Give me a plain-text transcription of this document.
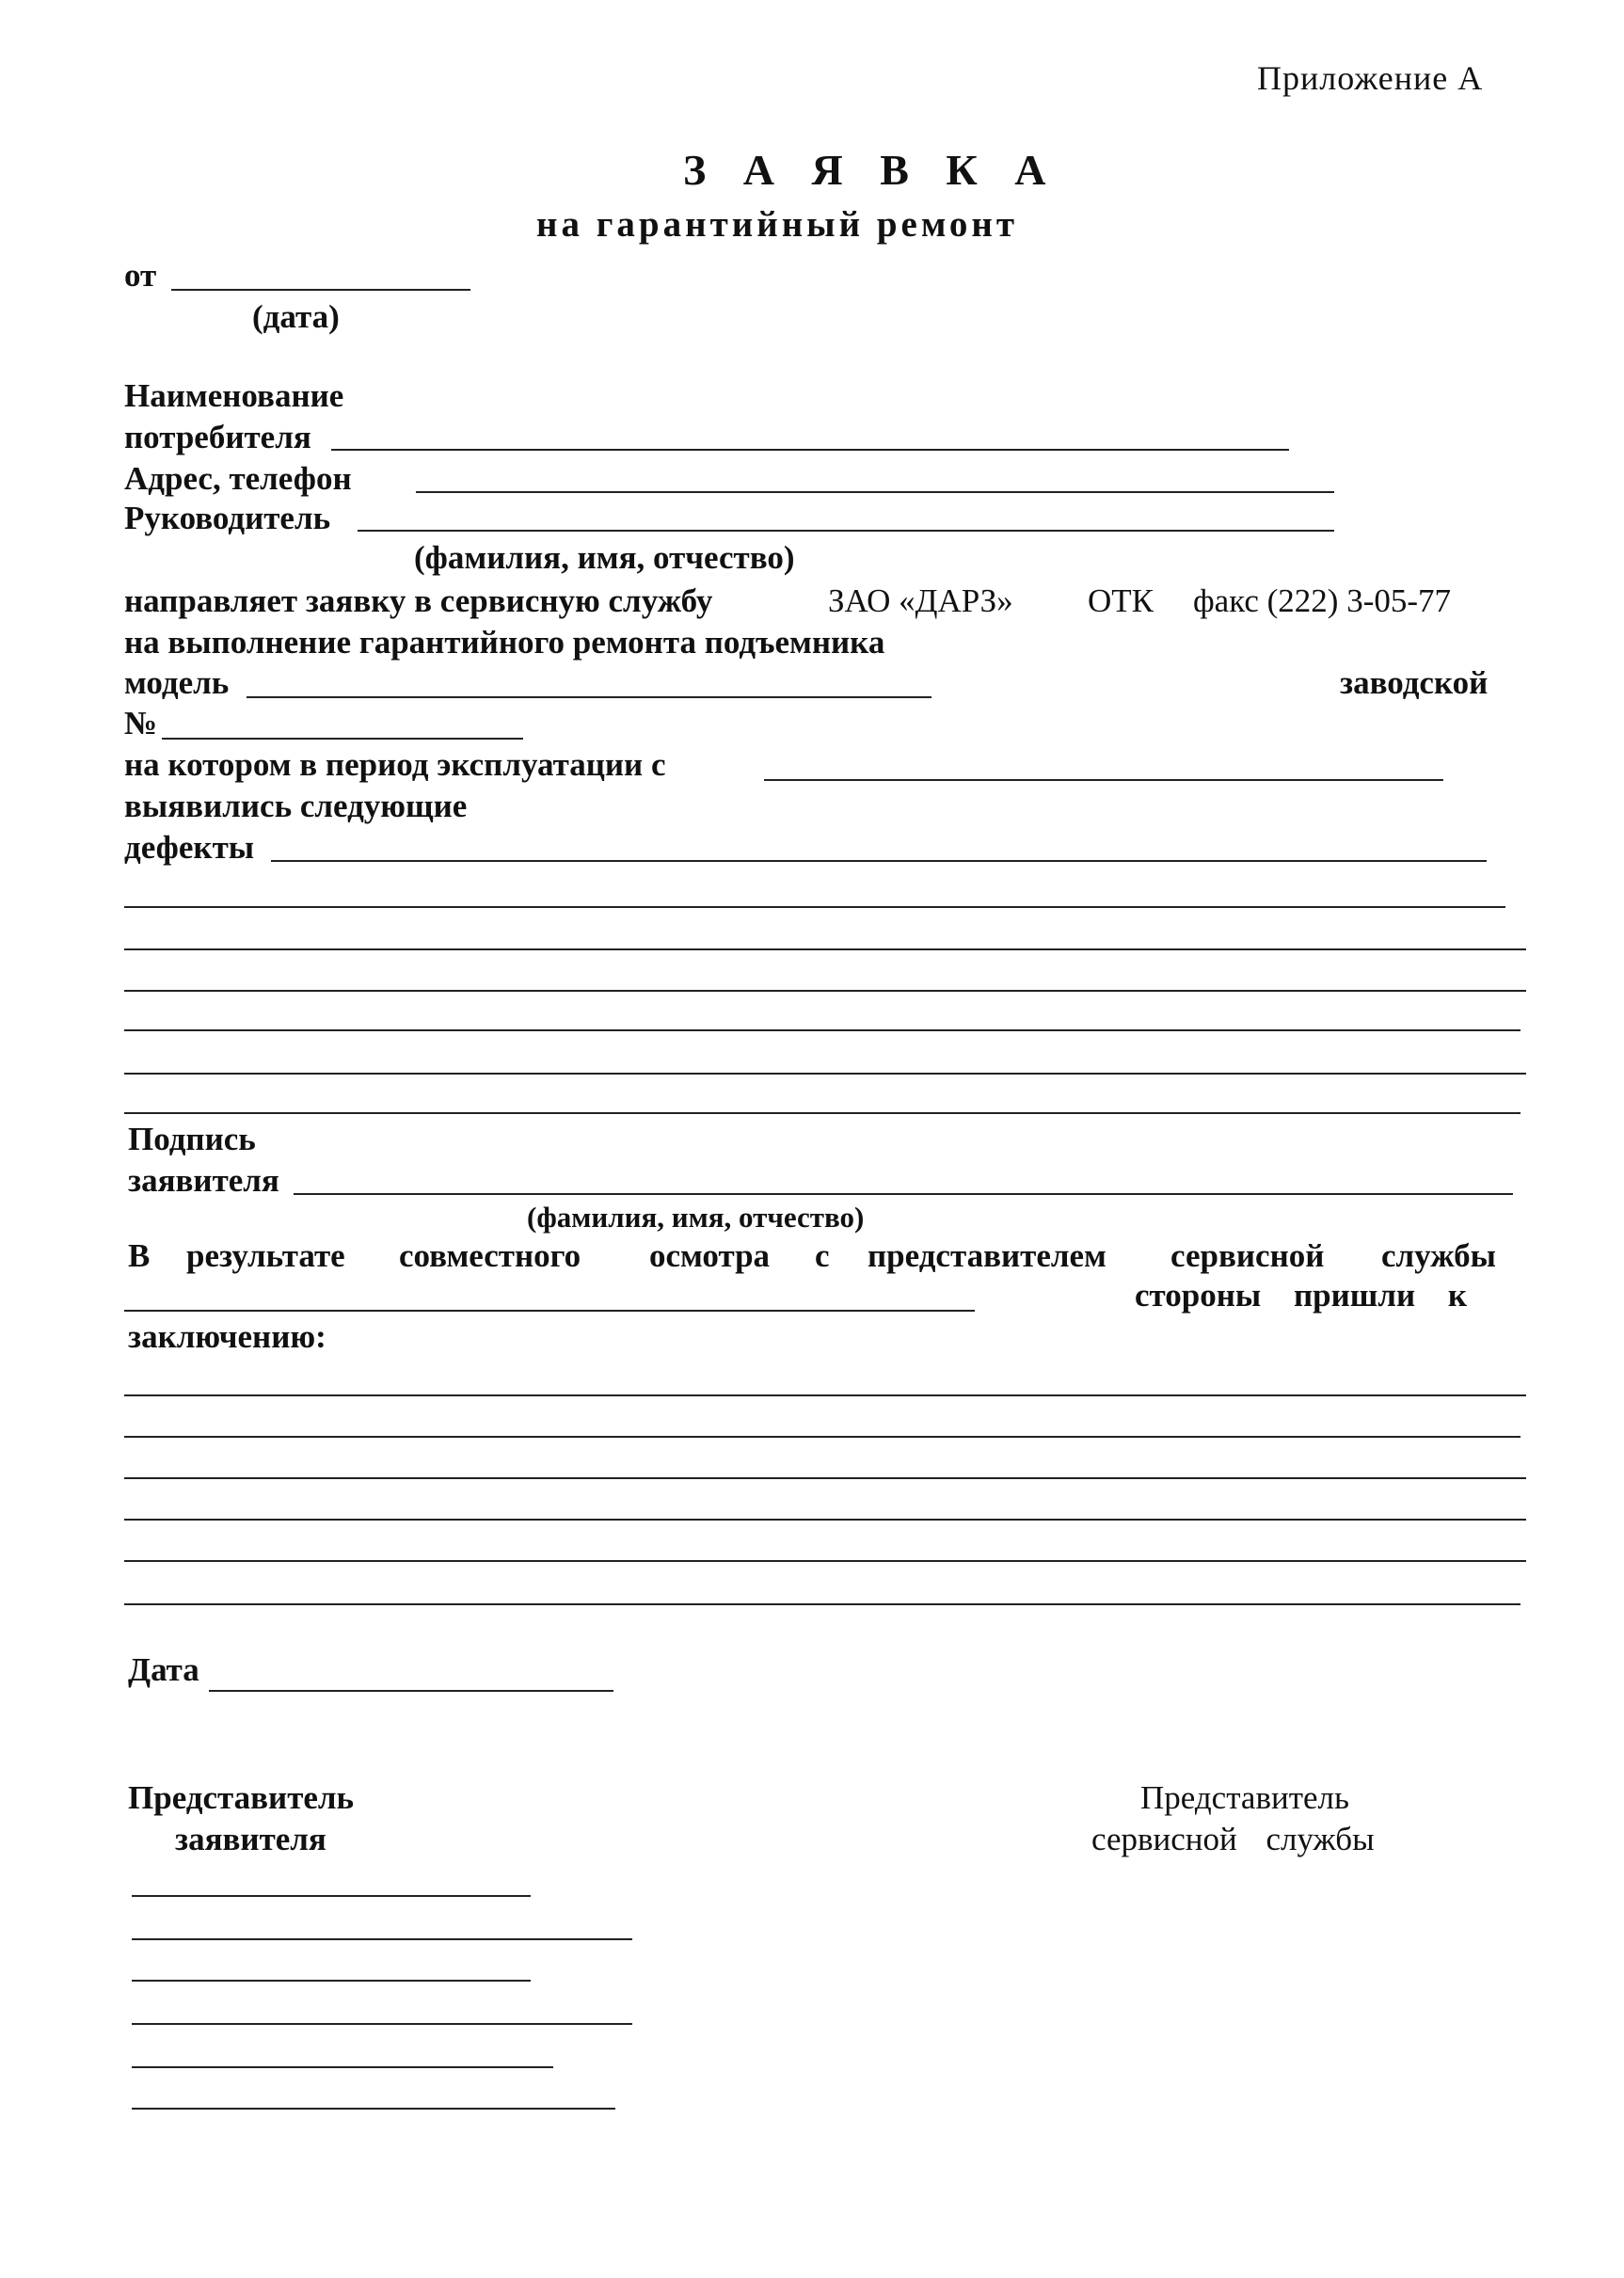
Приложение А
З А Я В К А
на гарантийный ремонт
от
(дата)
Наименование
потребителя
Адрес, телефон
Руководитель
(фамилия, имя, отчество)
направляет заявку в сервисную службу	ЗАО «ДАРЗ» ОТК факс (222) 3-05-77
на выполнение гарантийного ремонта подъемника
модель	заводской
№
на котором в период эксплуатации с
выявились следующие
дефекты
Подпись
заявителя
(фамилия, имя, отчество)
В результате совместного осмотра с представителем сервисной службы
стороны пришли к
заключению:
Дата
Представитель
заявителя
Представитель
сервисной службы
